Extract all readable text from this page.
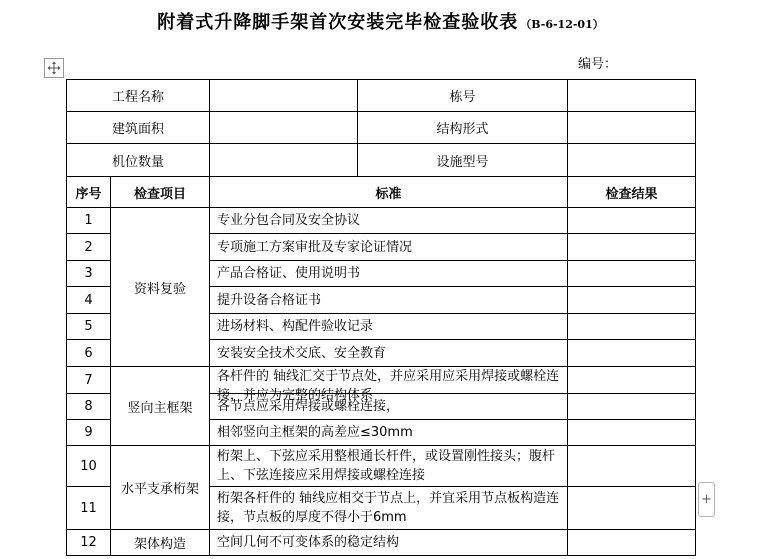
附着式升降脚手架首次安装完毕检查验收表 （B-6-12-01）
编号：
工程名称			栋号	
建筑面积			结构形式	
机位数量			设施型号	
序号	检查项目	标准		检查结果
1	资料复验	专业分包合同及安全协议		
2		专项施工方案审批及专家论证情况		
3		产品合格证、使用说明书		
4		提升设备合格证书		
5		进场材料、构配件验收记录		
6		安装安全技术交底、安全教育		
7	竖向主框架	各杆件的 轴线汇交于节点处，并应采用应采用焊接或螺栓连接，并应为完整的结构体系		

8		各节点应采用焊接或螺栓连接，		
9		相邻竖向主框架的高差应≤30mm		
10	水平支承桁架	桁架上、下弦应采用整根通长杆件，或设置刚性接头；腹杆上、下弦连接应采用焊接或螺栓连接		
11		桁架各杆件的 轴线应相交于节点上，并宜采用节点板构造连接，节点板的厚度不得小于6mm		
12	架体构造	空间几何不可变体系的稳定结构		
+
